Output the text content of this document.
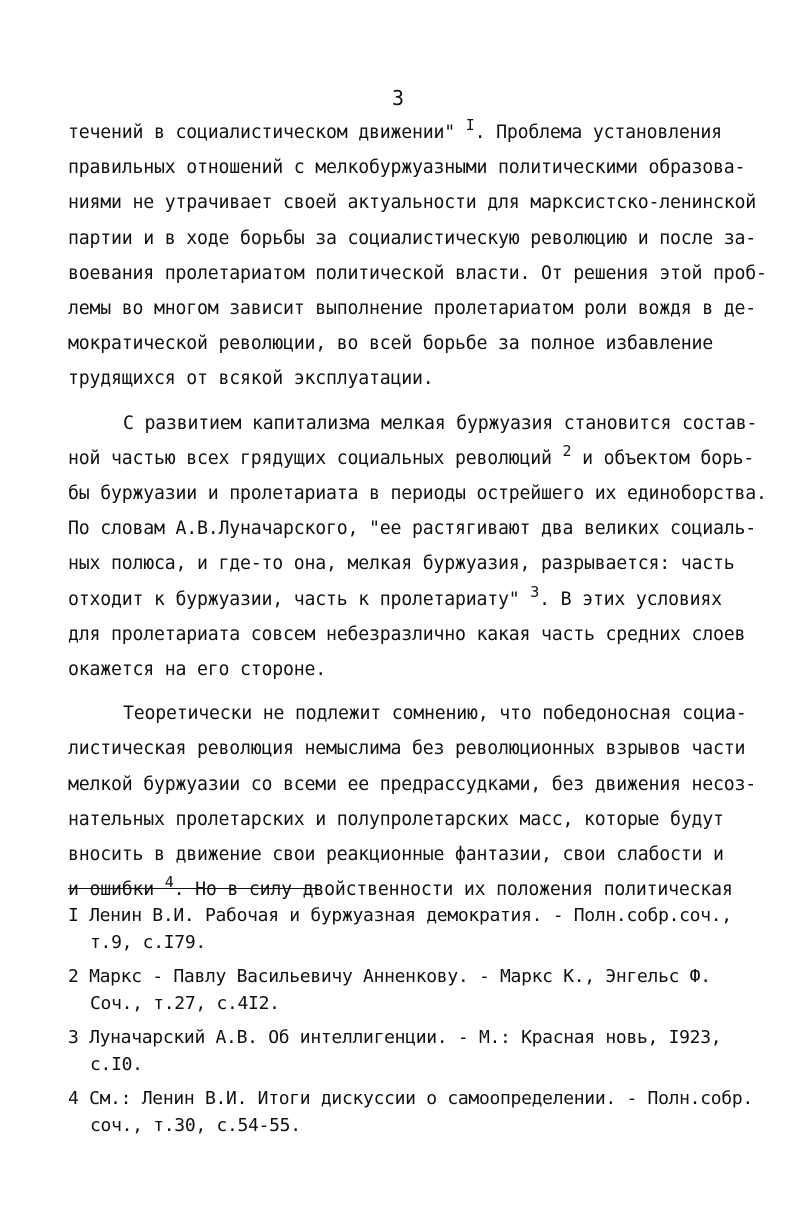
3
течений в социалистическом движении" $^I$. Проблема установления
правильных отношений с мелкобуржуазными политическими образова-
ниями не утрачивает своей актуальности для марксистско-ленинской
партии и в ходе борьбы за социалистическую революцию и после за-
воевания пролетариатом политической власти. От решения этой проб-
лемы во многом зависит выполнение пролетариатом роли вождя в де-
мократической революции, во всей борьбе за полное избавление
трудящихся от всякой эксплуатации.
С развитием капитализма мелкая буржуазия становится состав-
ной частью всех грядущих социальных революций $^2$ и объектом борь-
бы буржуазии и пролетариата в периоды острейшего их единоборства.
По словам А.В.Луначарского, "ее растягивают два великих социаль-
ных полюса, и где-то она, мелкая буржуазия, разрывается: часть
отходит к буржуазии, часть к пролетариату" $^3$. В этих условиях
для пролетариата совсем небезразлично какая часть средних слоев
окажется на его стороне.
Теоретически не подлежит сомнению, что победоносная социа-
листическая революция немыслима без революционных взрывов части
мелкой буржуазии со всеми ее предрассудками, без движения несоз-
нательных пролетарских и полупролетарских масс, которые будут
вносить в движение свои реакционные фантазии, свои слабости и
и ошибки $^4$. Но в силу двойственности их положения политическая
I Ленин В.И. Рабочая и буржуазная демократия. - Полн.собр.соч.,
т.9, с.I79.
2 Маркс - Павлу Васильевичу Анненкову. - Маркс К., Энгельс Ф.
Соч., т.27, с.4I2.
3 Луначарский А.В. Об интеллигенции. - М.: Красная новь, I923,
с.I0.
4 См.: Ленин В.И. Итоги дискуссии о самоопределении. - Полн.собр.
соч., т.30, с.54-55.
